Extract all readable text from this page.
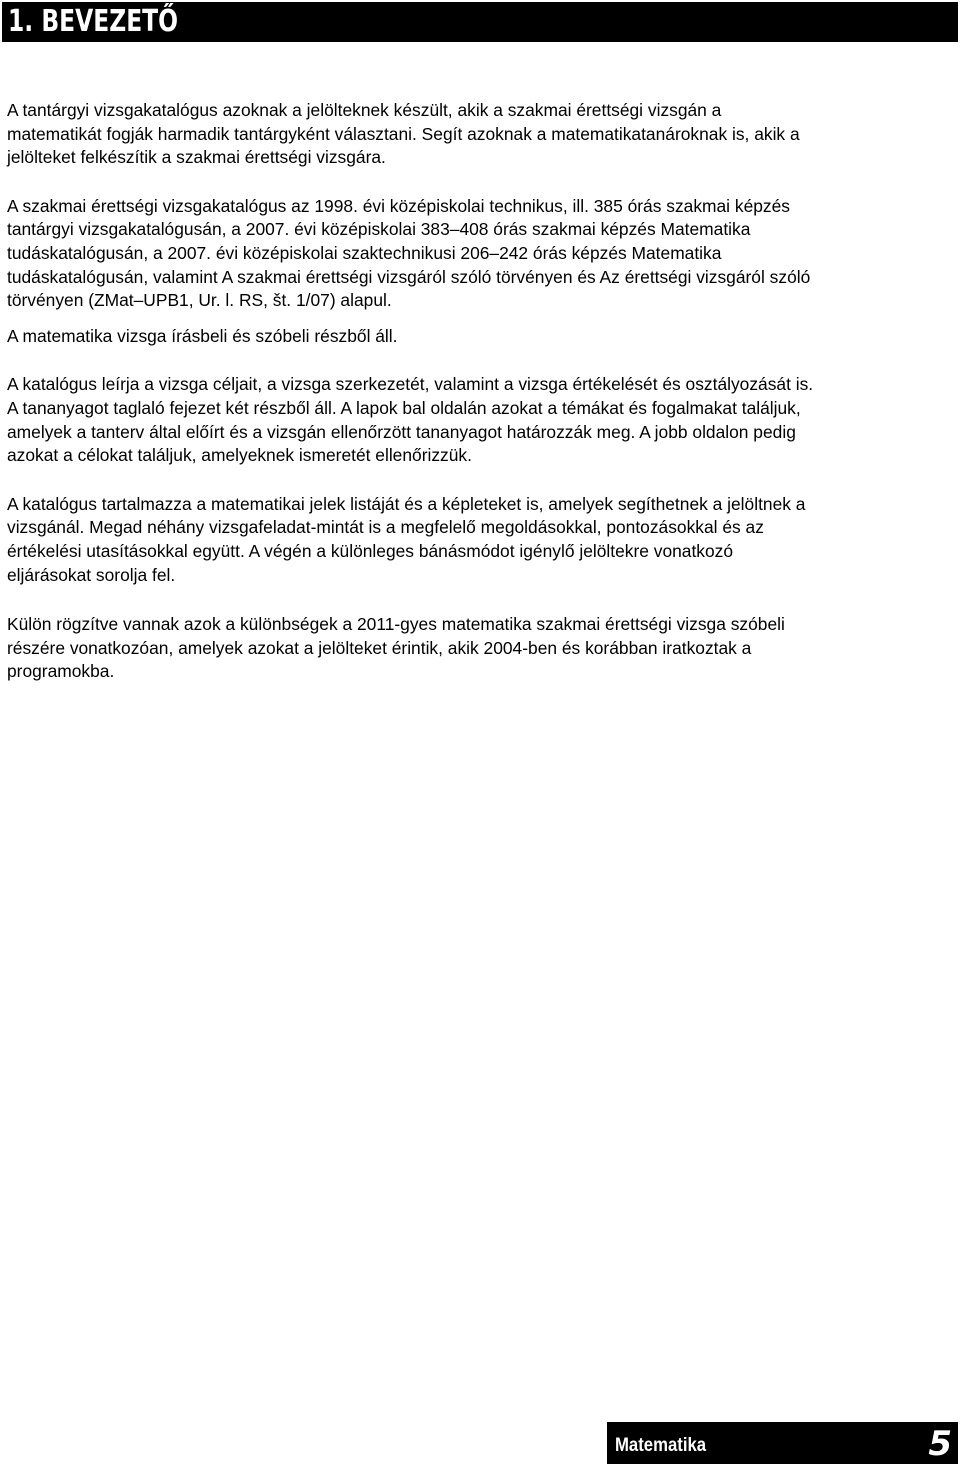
1. BEVEZETŐ

A tantárgyi vizsgakatalógus azoknak a jelölteknek készült, akik a szakmai érettségi vizsgán a
matematikát fogják harmadik tantárgyként választani. Segít azoknak a matematikatanároknak is, akik a
jelölteket felkészítik a szakmai érettségi vizsgára.

A szakmai érettségi vizsgakatalógus az 1998. évi középiskolai technikus, ill. 385 órás szakmai képzés
tantárgyi vizsgakatalógusán, a 2007. évi középiskolai 383–408 órás szakmai képzés Matematika
tudáskatalógusán, a 2007. évi középiskolai szaktechnikusi 206–242 órás képzés Matematika
tudáskatalógusán, valamint A szakmai érettségi vizsgáról szóló törvényen és Az érettségi vizsgáról szóló
törvényen (ZMat–UPB1, Ur. l. RS, št. 1/07) alapul.

A matematika vizsga írásbeli és szóbeli részből áll.

A katalógus leírja a vizsga céljait, a vizsga szerkezetét, valamint a vizsga értékelését és osztályozását is.
A tananyagot taglaló fejezet két részből áll. A lapok bal oldalán azokat a témákat és fogalmakat találjuk,
amelyek a tanterv által előírt és a vizsgán ellenőrzött tananyagot határozzák meg. A jobb oldalon pedig
azokat a célokat találjuk, amelyeknek ismeretét ellenőrizzük.

A katalógus tartalmazza a matematikai jelek listáját és a képleteket is, amelyek segíthetnek a jelöltnek a
vizsgánál. Megad néhány vizsgafeladat-mintát is a megfelelő megoldásokkal, pontozásokkal és az
értékelési utasításokkal együtt. A végén a különleges bánásmódot igénylő jelöltekre vonatkozó
eljárásokat sorolja fel.

Külön rögzítve vannak azok a különbségek a 2011-gyes matematika szakmai érettségi vizsga szóbeli
részére vonatkozóan, amelyek azokat a jelölteket érintik, akik 2004-ben és korábban iratkoztak a
programokba.

Matematika	5
